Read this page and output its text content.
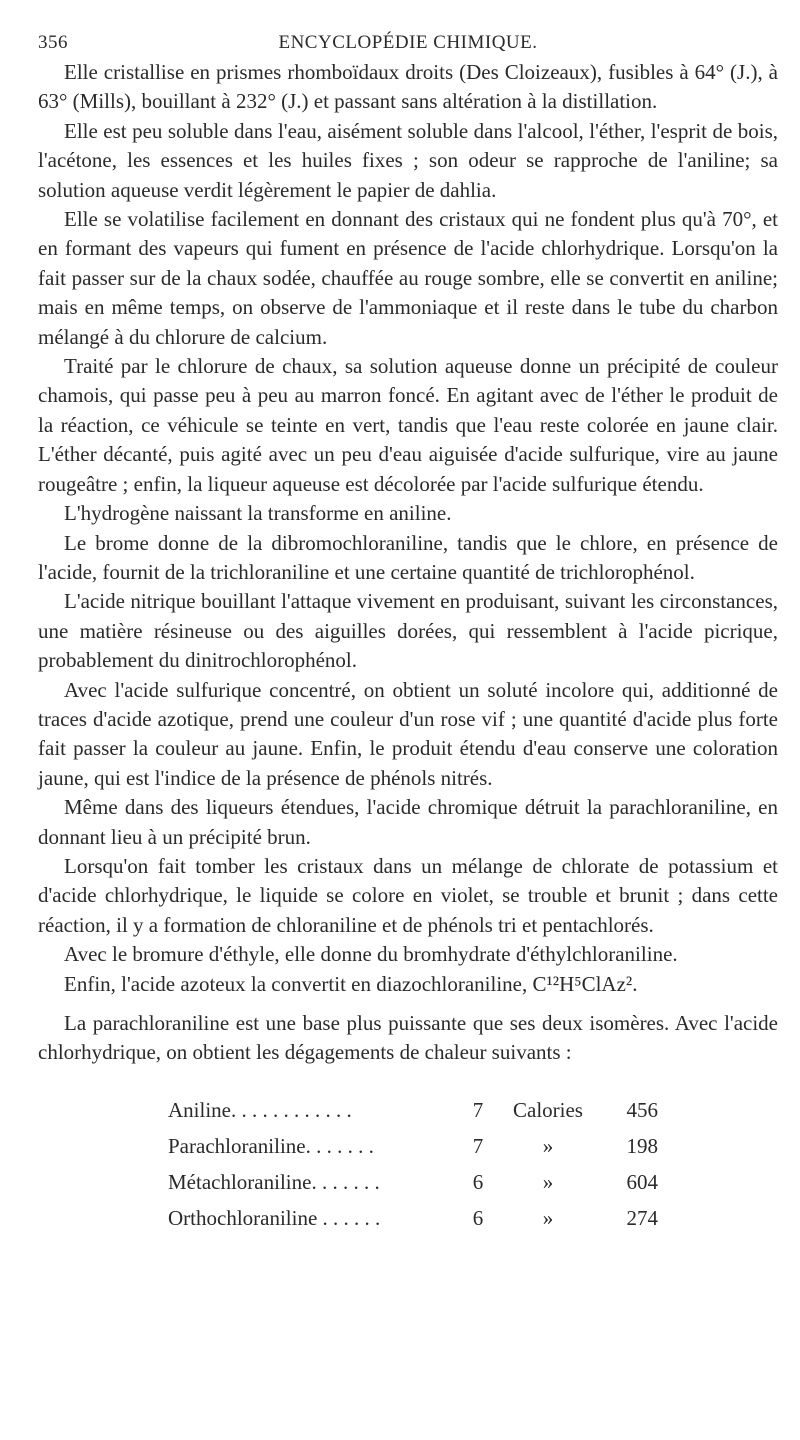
356	ENCYCLOPÉDIE CHIMIQUE.

Elle cristallise en prismes rhomboïdaux droits (Des Cloizeaux), fusibles à 64° (J.), à 63° (Mills), bouillant à 232° (J.) et passant sans altération à la distillation.

Elle est peu soluble dans l'eau, aisément soluble dans l'alcool, l'éther, l'esprit de bois, l'acétone, les essences et les huiles fixes ; son odeur se rapproche de l'aniline; sa solution aqueuse verdit légèrement le papier de dahlia.

Elle se volatilise facilement en donnant des cristaux qui ne fondent plus qu'à 70°, et en formant des vapeurs qui fument en présence de l'acide chlorhydrique. Lorsqu'on la fait passer sur de la chaux sodée, chauffée au rouge sombre, elle se convertit en aniline; mais en même temps, on observe de l'ammoniaque et il reste dans le tube du charbon mélangé à du chlorure de calcium.

Traité par le chlorure de chaux, sa solution aqueuse donne un précipité de couleur chamois, qui passe peu à peu au marron foncé. En agitant avec de l'éther le produit de la réaction, ce véhicule se teinte en vert, tandis que l'eau reste colorée en jaune clair. L'éther décanté, puis agité avec un peu d'eau aiguisée d'acide sulfurique, vire au jaune rougeâtre ; enfin, la liqueur aqueuse est décolorée par l'acide sulfurique étendu.

L'hydrogène naissant la transforme en aniline.

Le brome donne de la dibromochloraniline, tandis que le chlore, en présence de l'acide, fournit de la trichloraniline et une certaine quantité de trichlorophénol.

L'acide nitrique bouillant l'attaque vivement en produisant, suivant les circonstances, une matière résineuse ou des aiguilles dorées, qui ressemblent à l'acide picrique, probablement du dinitrochlorophénol.

Avec l'acide sulfurique concentré, on obtient un soluté incolore qui, additionné de traces d'acide azotique, prend une couleur d'un rose vif ; une quantité d'acide plus forte fait passer la couleur au jaune. Enfin, le produit étendu d'eau conserve une coloration jaune, qui est l'indice de la présence de phénols nitrés.

Même dans des liqueurs étendues, l'acide chromique détruit la parachloraniline, en donnant lieu à un précipité brun.

Lorsqu'on fait tomber les cristaux dans un mélange de chlorate de potassium et d'acide chlorhydrique, le liquide se colore en violet, se trouble et brunit ; dans cette réaction, il y a formation de chloraniline et de phénols tri et pentachlorés.

Avec le bromure d'éthyle, elle donne du bromhydrate d'éthylchloraniline.

Enfin, l'acide azoteux la convertit en diazochloraniline, C¹²H⁵ClAz².

La parachloraniline est une base plus puissante que ses deux isomères. Avec l'acide chlorhydrique, on obtient les dégagements de chaleur suivants :

Aniline. . . . . . . . . . . .	7	Calories	456
Parachloraniline. . . . . . .	7	»	198
Métachloraniline. . . . . . .	6	»	604
Orthochloraniline . . . . . .	6	»	274
